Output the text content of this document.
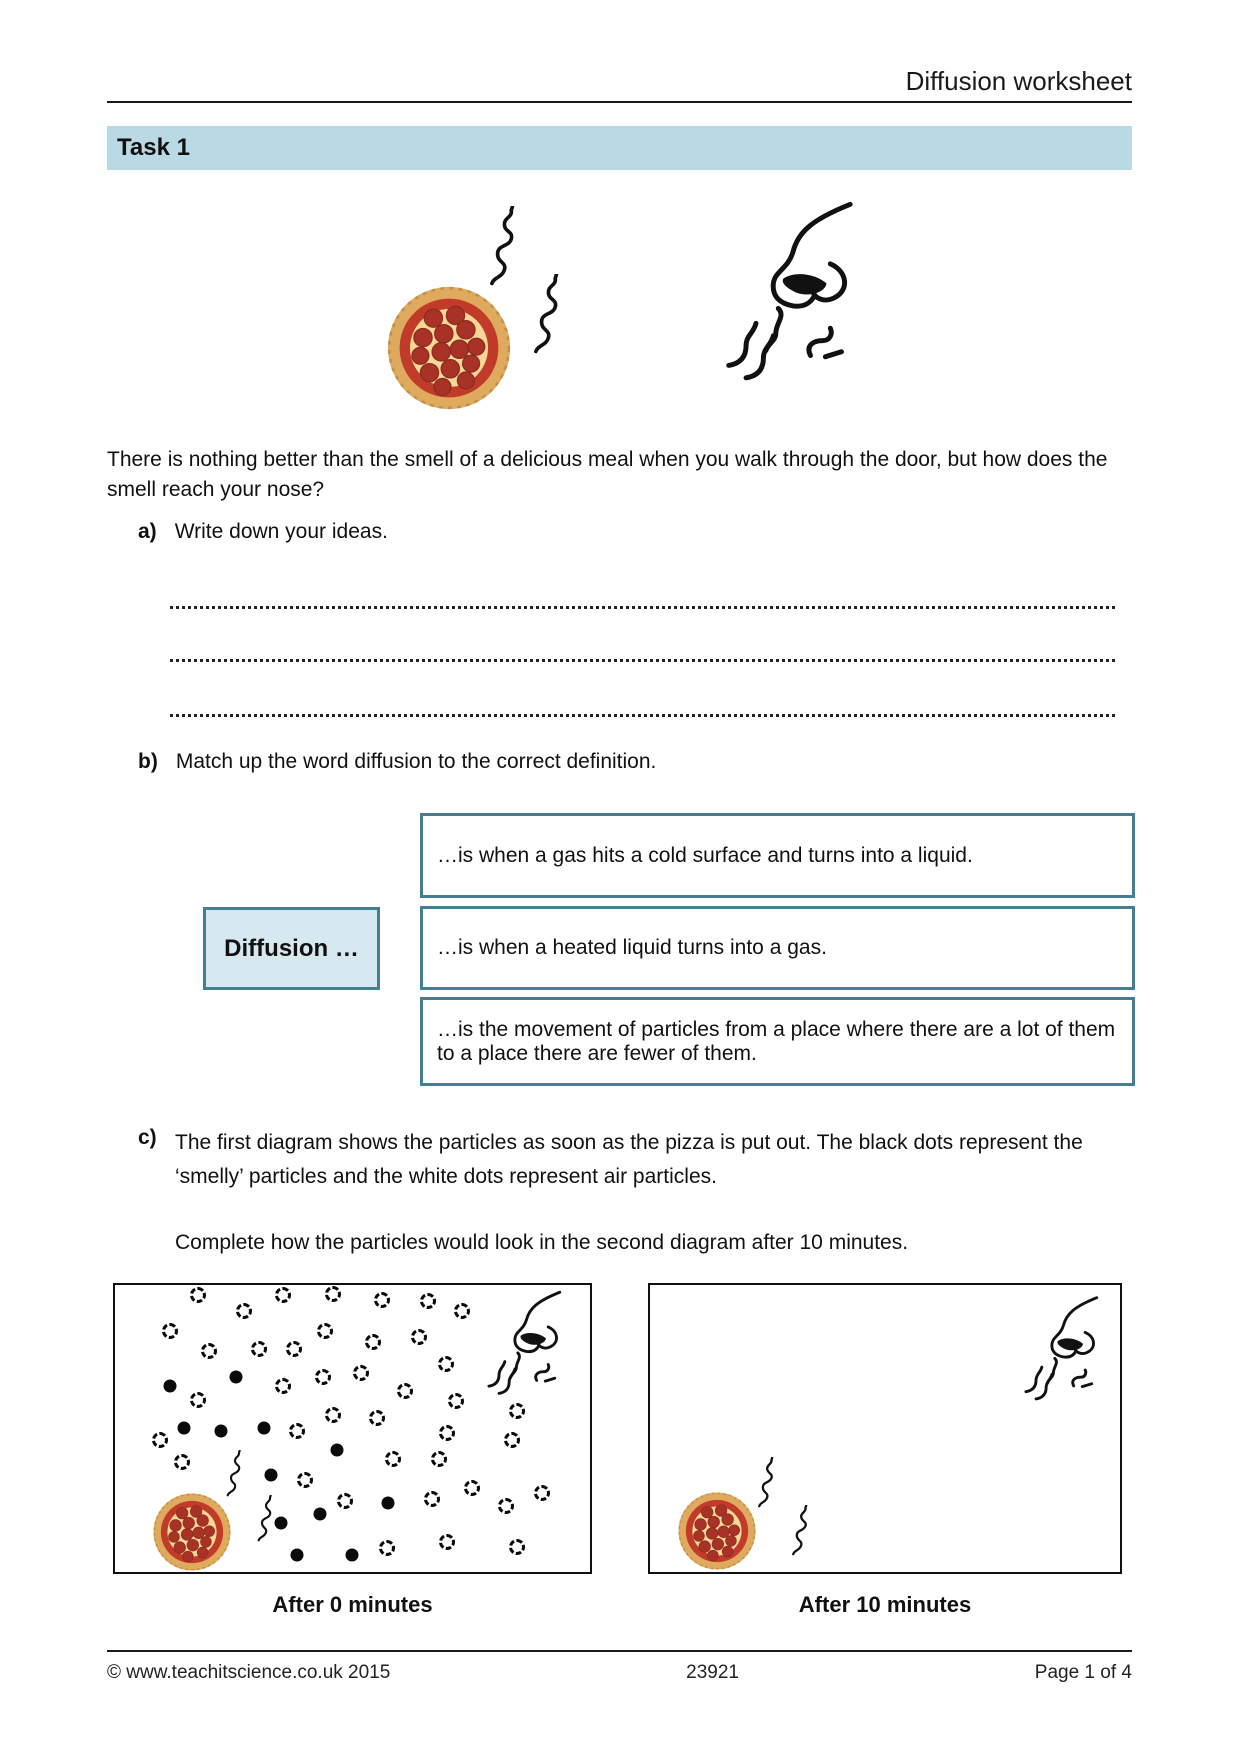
Diffusion worksheet
Task 1

There is nothing better than the smell of a delicious meal when you walk through the door, but how does the smell reach your nose?

a) Write down your ideas.
b) Match up the word diffusion to the correct definition.
Diffusion …
…is when a gas hits a cold surface and turns into a liquid.
…is when a heated liquid turns into a gas.
…is the movement of particles from a place where there are a lot of them to a place there are fewer of them.
c) The first diagram shows the particles as soon as the pizza is put out. The black dots represent the ‘smelly’ particles and the white dots represent air particles.

Complete how the particles would look in the second diagram after 10 minutes.

After 0 minutes	After 10 minutes
© www.teachitscience.co.uk 2015	23921	Page 1 of 4
